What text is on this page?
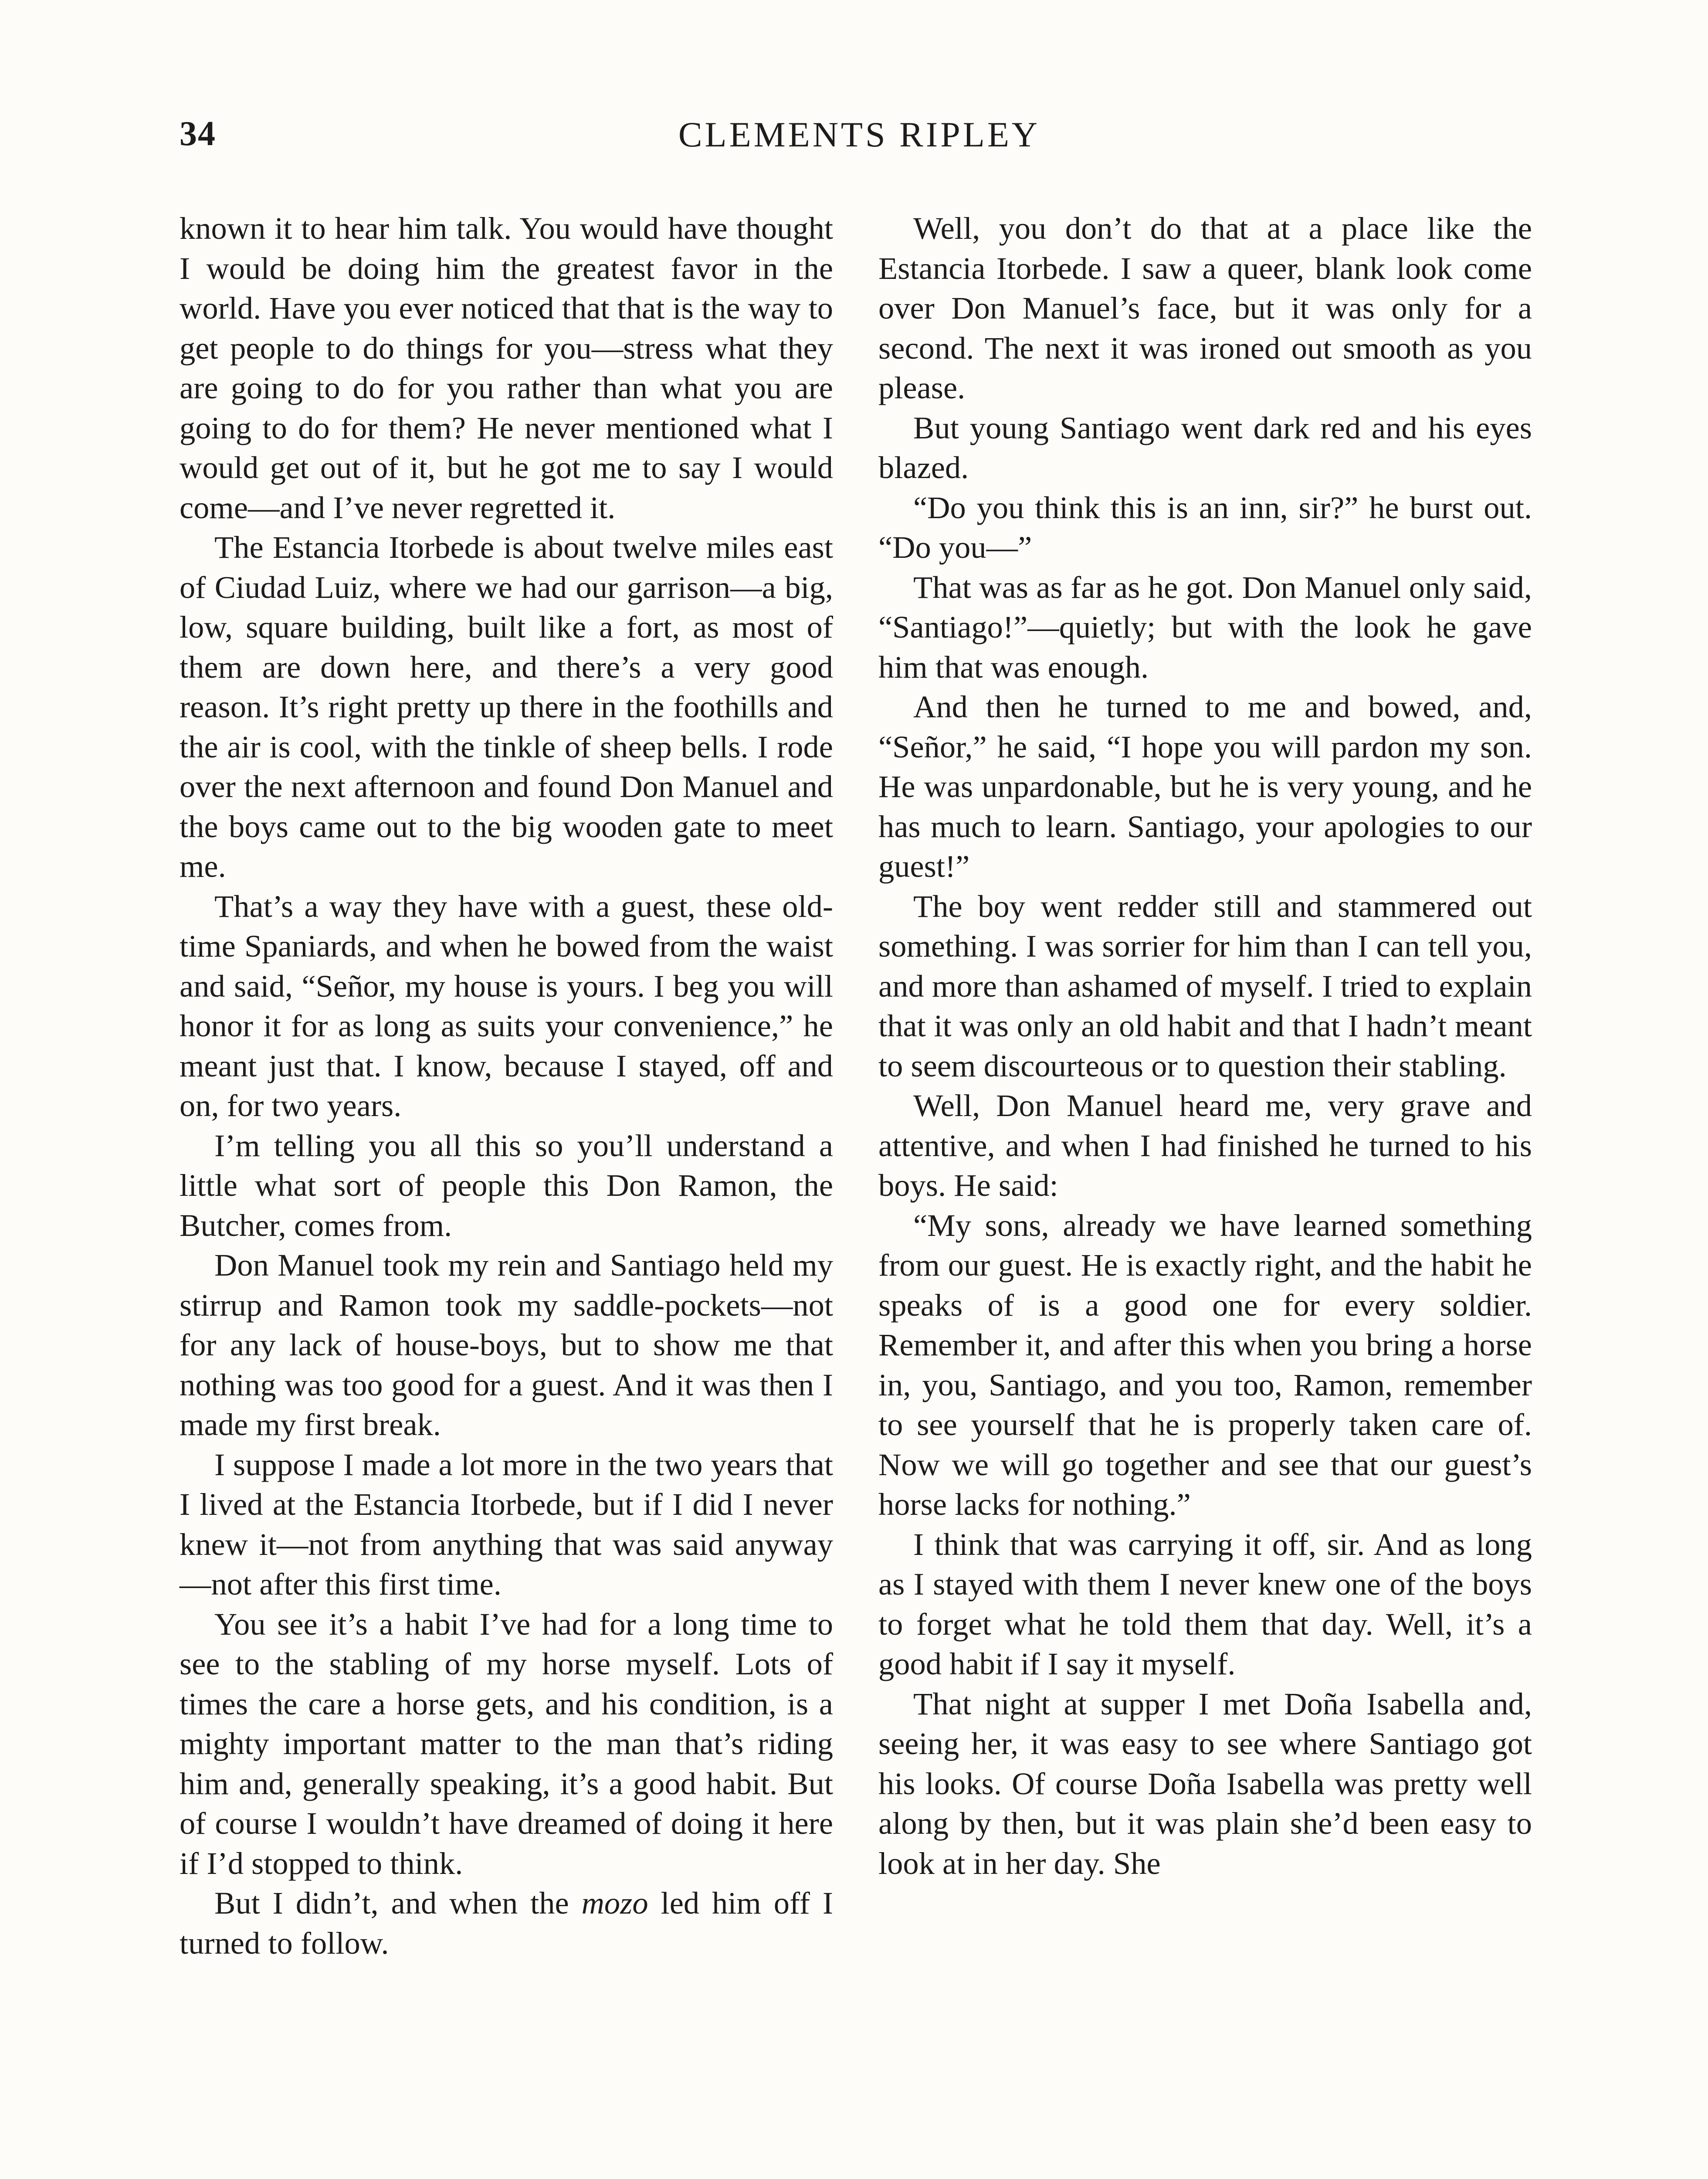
34	CLEMENTS RIPLEY

known it to hear him talk. You would have thought I would be doing him the greatest favor in the world. Have you ever noticed that that is the way to get people to do things for you—stress what they are going to do for you rather than what you are going to do for them? He never mentioned what I would get out of it, but he got me to say I would come—and I’ve never regretted it.

The Estancia Itorbede is about twelve miles east of Ciudad Luiz, where we had our garrison—a big, low, square building, built like a fort, as most of them are down here, and there’s a very good reason. It’s right pretty up there in the foothills and the air is cool, with the tinkle of sheep bells. I rode over the next afternoon and found Don Manuel and the boys came out to the big wooden gate to meet me.

That’s a way they have with a guest, these old-time Spaniards, and when he bowed from the waist and said, “Señor, my house is yours. I beg you will honor it for as long as suits your convenience,” he meant just that. I know, because I stayed, off and on, for two years.

I’m telling you all this so you’ll understand a little what sort of people this Don Ramon, the Butcher, comes from.

Don Manuel took my rein and Santiago held my stirrup and Ramon took my saddle-pockets—not for any lack of house-boys, but to show me that nothing was too good for a guest. And it was then I made my first break.

I suppose I made a lot more in the two years that I lived at the Estancia Itorbede, but if I did I never knew it—not from anything that was said anyway—not after this first time.

You see it’s a habit I’ve had for a long time to see to the stabling of my horse myself. Lots of times the care a horse gets, and his condition, is a mighty important matter to the man that’s riding him and, generally speaking, it’s a good habit. But of course I wouldn’t have dreamed of doing it here if I’d stopped to think.

But I didn’t, and when the mozo led him off I turned to follow.

Well, you don’t do that at a place like the Estancia Itorbede. I saw a queer, blank look come over Don Manuel’s face, but it was only for a second. The next it was ironed out smooth as you please.

But young Santiago went dark red and his eyes blazed.

“Do you think this is an inn, sir?” he burst out. “Do you—”

That was as far as he got. Don Manuel only said, “Santiago!”—quietly; but with the look he gave him that was enough.

And then he turned to me and bowed, and, “Señor,” he said, “I hope you will pardon my son. He was unpardonable, but he is very young, and he has much to learn. Santiago, your apologies to our guest!”

The boy went redder still and stammered out something. I was sorrier for him than I can tell you, and more than ashamed of myself. I tried to explain that it was only an old habit and that I hadn’t meant to seem discourteous or to question their stabling.

Well, Don Manuel heard me, very grave and attentive, and when I had finished he turned to his boys. He said:

“My sons, already we have learned something from our guest. He is exactly right, and the habit he speaks of is a good one for every soldier. Remember it, and after this when you bring a horse in, you, Santiago, and you too, Ramon, remember to see yourself that he is properly taken care of. Now we will go together and see that our guest’s horse lacks for nothing.”

I think that was carrying it off, sir. And as long as I stayed with them I never knew one of the boys to forget what he told them that day. Well, it’s a good habit if I say it myself.

That night at supper I met Doña Isabella and, seeing her, it was easy to see where Santiago got his looks. Of course Doña Isabella was pretty well along by then, but it was plain she’d been easy to look at in her day. She
